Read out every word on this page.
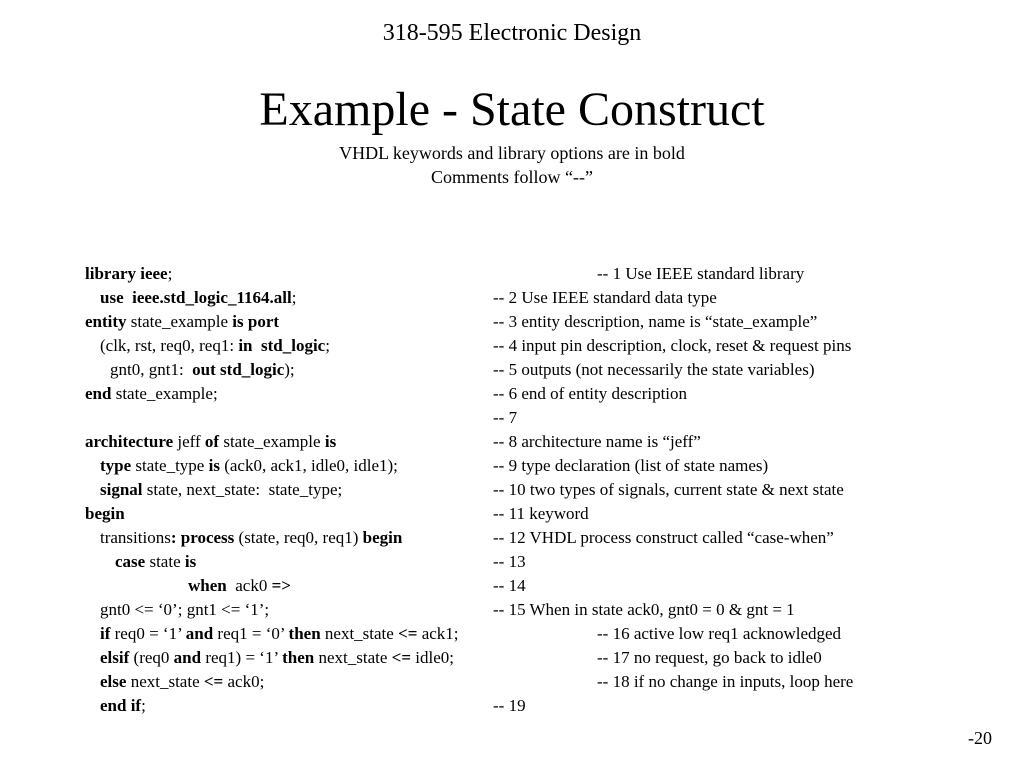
318-595 Electronic Design
Example - State Construct
VHDL keywords and library options are in bold
Comments follow “--”
library ieee;	-- 1 Use IEEE standard library
use  ieee.std_logic_1164.all;	-- 2 Use IEEE standard data type
entity state_example is port	-- 3 entity description, name is “state_example”
(clk, rst, req0, req1: in  std_logic;	-- 4 input pin description, clock, reset & request pins
gnt0, gnt1:  out std_logic);	-- 5 outputs (not necessarily the state variables)
end state_example;	-- 6 end of entity description
-- 7
architecture jeff of state_example is	-- 8 architecture name is “jeff”
type state_type is (ack0, ack1, idle0, idle1);	-- 9 type declaration (list of state names)
signal state, next_state:  state_type;	-- 10 two types of signals, current state & next state
begin	-- 11 keyword
transitions: process (state, req0, req1) begin	-- 12 VHDL process construct called “case-when”
case state is	-- 13
when  ack0 =>	-- 14
gnt0 <= ‘0’; gnt1 <= ‘1’;	-- 15 When in state ack0, gnt0 = 0 & gnt = 1
if req0 = ‘1’ and req1 = ‘0’ then next_state <= ack1;	-- 16 active low req1 acknowledged
elsif (req0 and req1) = ‘1’ then next_state <= idle0;	-- 17 no request, go back to idle0
else next_state <= ack0;	-- 18 if no change in inputs, loop here
end if;	-- 19
-20
